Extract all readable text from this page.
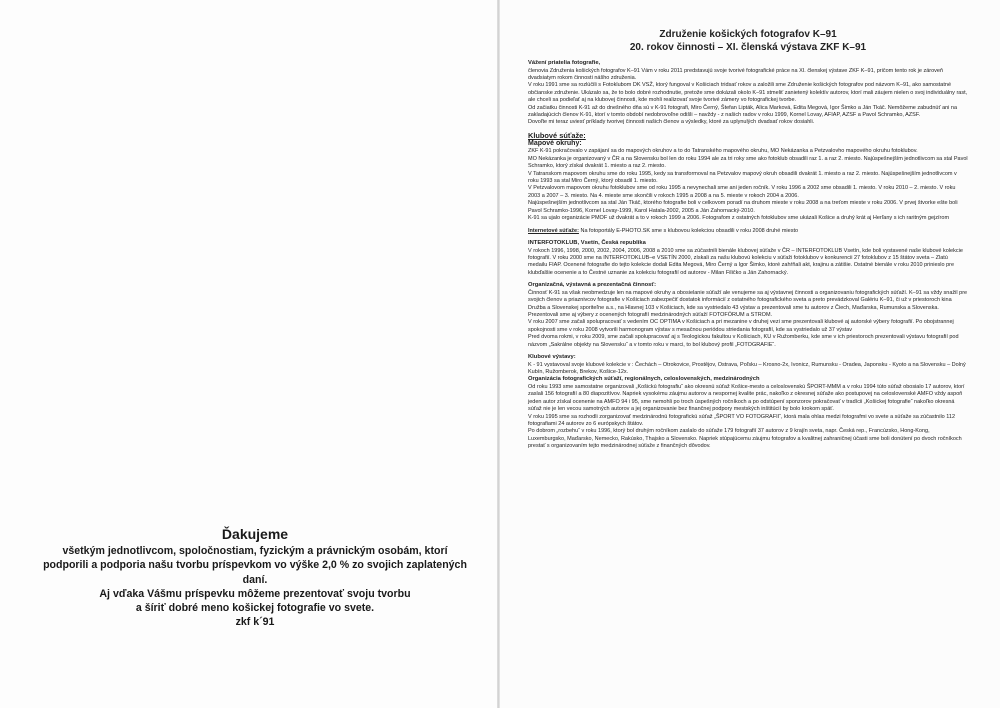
Ďakujeme

všetkým jednotlivcom, spoločnostiam, fyzickým a právnickým osobám, ktorí

podporili a podporia našu tvorbu príspevkom vo výške 2,0 % zo svojich zaplatených

daní.

Aj vďaka Vášmu príspevku môžeme prezentovať svoju tvorbu

a šíriť dobré meno košickej fotografie vo svete.

zkf k´91

Združenie košických fotografov K–91
20. rokov činnosti – XI. členská výstava ZKF K–91

Vážení priatelia fotografie,

členovia Združenia košických fotografov K–91 Vám v roku 2011 predstavujú svoje tvorivé fotografické práce na XI. členskej výstave ZKF K–91, pričom tento rok je zároveň dvadsiatym rokom činnosti nášho združenia.

V roku 1991 sme sa rozlúčili s Fotoklubom DK VSŽ, ktorý fungoval v Košiciach tridsať rokov a založili sme Združenie košických fotografov pod názvom K–91, ako samostatné občianske združenie. Ukázalo sa, že to bolo dobré rozhodnutie, pretože sme dokázali okolo K–91 stmeliť zanietený kolektív autorov, ktorí mali záujem nielen o svoj individuálny rast, ale chceli sa podieľať aj na klubovej činnosti, kde mohli realizovať svoje tvorivé zámery vo fotografickej tvorbe.

Od začiatku činnosti K-91 až do dnešného dňa sú v K-91 fotografi, Miro Černý, Štefan Lipták, Alica Marková, Edita Megová, Igor Šimko a Ján Tkáč. Nemôžeme zabudnúť ani na zakladajúcich členov K-91, ktorí v tomto období nedobrovoľne odišli – navždy - z našich radov v roku 1999, Kornel Lovay, AFIAP, AZSF a Pavol Schramko, AZSF.

Dovoľte mi teraz uviesť príklady tvorivej činnosti našich členov a výsledky, ktoré za uplynulých dvadsať rokov dosiahli.

Klubové súťaže:

Mapové okruhy:

ZKF K-91 pokračovalo v zapájaní sa do mapových okruhov a to do Tatranského mapového okruhu, MO Nekázanka a Petzvalovho mapového okruhu fotoklubov.

MO Nekázanka je organizovaný v ČR a na Slovensku bol len do roku 1994 ale za tri roky sme ako fotoklub obsadili raz 1. a raz 2. miesto. Najúspešnejším jednotlivcom sa stal Pavol Schramko, ktorý získal dvakrát 1. miesto a raz 2. miesto.

V Tatranskom mapovom okruhu sme do roku 1995, kedy sa transformoval na Petzvalov mapový okruh obsadili dvakrát 1. miesto a raz 2. miesto. Najúspešnejším jednotlivcom v roku 1993 sa stal Miro Černý, ktorý obsadil 1. miesto.

V Petzvalovom mapovom okruhu fotoklubov sme od roku 1995 a nevynechali sme ani jeden ročník. V roku 1996 a 2002 sme obsadili 1. miesto. V roku 2010 – 2. miesto. V roku 2003 a 2007 – 3. miesto. Na 4. mieste sme skončili v rokoch 1995 a 2008 a na 5. mieste v rokoch 2004 a 2006.

Najúspešnejším jednotlivcom sa stal Ján Tkáč, ktorého fotografie boli v celkovom poradí na druhom mieste v roku 2008 a na treťom mieste v roku 2006. V prvej štvorke ešte boli Pavol Schramko-1996, Kornel Lovay-1999, Karol Hatala-2002, 2005 a Ján Zahornacký-2010.

K-91 sa ujalo organizácie PMOF už dvakrát a to v rokoch 1999 a 2006. Fotografom z ostatných fotoklubov sme ukázali Košice a druhý krát aj Herľany s ich raritným gejzírom

Internetové súťaže: Na fotoportály E-PHOTO.SK sme s klubovou kolekciou obsadili v roku 2008 druhé miesto

INTERFOTOKLUB, Vsetín, Česká republika

V rokoch 1996, 1998, 2000, 2002, 2004, 2006, 2008 a 2010 sme sa zúčastnili bienále klubovej súťaže v ČR – INTERFOTOKLUB Vsetín, kde boli vystavené naše klubové kolekcie fotografií. V roku 2000 sme na INTERFOTOKLUB–e VSETÍN 2000, získali za našu klubovú kolekciu v súťaži fotoklubov v konkurencii 27 fotoklubov z 15 štátov sveta – Zlatú medailu FIAP. Ocenené fotografie do tejto kolekcie dodali Edita Megová, Miro Černý a Igor Šimko, ktoré zahŕňali akt, krajinu a zátišie. Ostatné bienále v roku 2010 prinieslo pre klubďalšie ocenenie a to Čestné uznanie za kolekciu fotografií od autorov - Milan Filičko a Ján Zahornacký.

Organizačná, výstavná a prezentačná činnosť:

Činnosť K-91 sa však neobmedzuje len na mapové okruhy a obosielanie súťaží ale venujeme sa aj výstavnej činnosti a organizovaniu fotografických súťaží. K–91 sa vždy snažil pre svojich členov a priaznivcov fotografie v Košiciach zabezpečiť dostatok informácií z ostatného fotografického sveta a preto prevádzkoval Galériu K–91, či už v priestoroch kina Družba a Slovenskej sporiteľne a.s., na Hlavnej 103 v Košiciach, kde sa vystriedalo 43 výstav a prezentovali sme tu autorov z Čiech, Maďarska, Rumunska a Slovenska. Prezentovali sme aj výbery z ocenených fotografií medzinárodných súťaží FOTOFÓRUM a STROM.

V roku 2007 sme začali spolupracovať s vedením OC OPTIMA v Košiciach a pri mezanine v druhej vezi sme prezentovali klubové aj autorské výbery fotografií. Po obojstrannej spokojnosti sme v roku 2008 vytvorili harmonogram výstav s mesačnou periódou striedania fotografií, kde sa vystriedalo už 37 výstav

Pred dvoma rokmi, v roku 2009, sme začali spolupracovať aj s Teologickou fakultou v Košiciach, KU v Ružomberku, kde sme v ich priestoroch prezentovali výstavu fotografií pod názvom „Sakrálne objekty na Slovensku“ a v tomto roku v marci, to bol klubový profil „FOTOGRAFIE“.

Klubové výstavy:

K - 91 vystavoval svoje klubové kolekcie v : Čechách – Otrokovice, Prostějov, Ostrava, Poľsku – Krosno-2x, Ivonicz, Rumunsku - Oradea, Japonsku - Kyoto a na Slovensku – Dolný Kubín, Ružomberok, Brekov, Košice-12x.

Organizácia fotografických súťaží, regionálnych, celoslovenských, medzinárodných

Od roku 1993 sme samostatne organizovali „Košickú fotografiu“ ako okresnú súťaž Košice-mesto a celoslovenskú ŠPORT-MMM a v roku 1994 túto súťaž obosialo 17 autorov, ktorí zaslali 156 fotografií a 80 diapozitívov. Napriek vysokému záujmu autorov a nespornej kvalite prác, nakoľko z okresnej súťaže ako postupovej na celoslovenské AMFO vždy aspoň jeden autor získal ocenenie na AMFO 94 i 95, sme nemohli po troch úspešných ročníkoch a po odstúpení sponzorov pokračovať v tradícii „Košickej fotografie“ nakoľko okresná súťaž nie je len vecou samotných autorov a jej organizovanie bez finančnej podpory mestských inštitúcií by bolo krokom späť.

V roku 1995 sme sa rozhodli zorganizovať medzinárodnú fotografickú súťaž „ŠPORT VO FOTOGRAFII“, ktorá mala ohlas medzi fotografmi vo svete a súťaže sa zúčastnilo 112 fotografiami 24 autorov zo 6 európskych štátov.

Po dobrom „rozbehu“ v roku 1996, ktorý bol druhým ročníkom zaslalo do súťaže 179 fotografií 37 autorov z 9 krajín sveta, napr. Česká rep., Francúzsko, Hong-Kong, Luxemburgsko, Maďarsko, Nemecko, Rakúsko, Thajsko a Slovensko. Napriek stúpajúcemu záujmu fotografov a kvalitnej zahraničnej účasti sme boli donútení po dvoch ročníkoch prestať s organizovaním tejto medzinárodnej súťaže z finančných dôvodov.
